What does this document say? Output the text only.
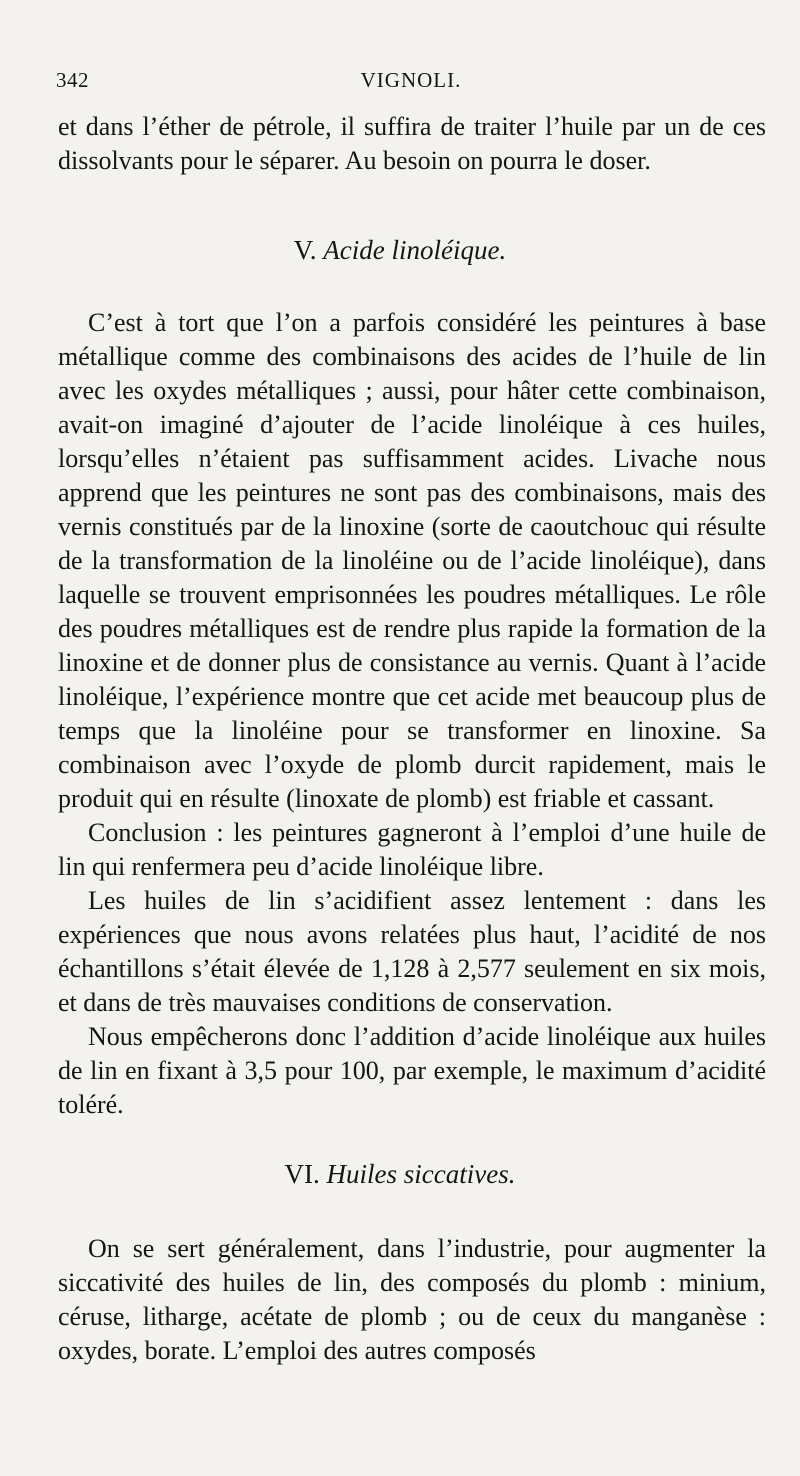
342	VIGNOLI.

et dans l’éther de pétrole, il suffira de traiter l’huile par un de ces dissolvants pour le séparer. Au besoin on pourra le doser.

V. Acide linoléique.

C’est à tort que l’on a parfois considéré les peintures à base métallique comme des combinaisons des acides de l’huile de lin avec les oxydes métalliques ; aussi, pour hâter cette combinaison, avait-on imaginé d’ajouter de l’acide linoléique à ces huiles, lorsqu’elles n’étaient pas suffisamment acides. Livache nous apprend que les peintures ne sont pas des combinaisons, mais des vernis constitués par de la linoxine (sorte de caoutchouc qui résulte de la transformation de la linoléine ou de l’acide linoléique), dans laquelle se trouvent emprisonnées les poudres métalliques. Le rôle des poudres métalliques est de rendre plus rapide la formation de la linoxine et de donner plus de consistance au vernis. Quant à l’acide linoléique, l’expérience montre que cet acide met beaucoup plus de temps que la linoléine pour se transformer en linoxine. Sa combinaison avec l’oxyde de plomb durcit rapidement, mais le produit qui en résulte (linoxate de plomb) est friable et cassant.

Conclusion : les peintures gagneront à l’emploi d’une huile de lin qui renfermera peu d’acide linoléique libre.

Les huiles de lin s’acidifient assez lentement : dans les expériences que nous avons relatées plus haut, l’acidité de nos échantillons s’était élevée de 1,128 à 2,577 seulement en six mois, et dans de très mauvaises conditions de conservation.

Nous empêcherons donc l’addition d’acide linoléique aux huiles de lin en fixant à 3,5 pour 100, par exemple, le maximum d’acidité toléré.

VI. Huiles siccatives.

On se sert généralement, dans l’industrie, pour augmenter la siccativité des huiles de lin, des composés du plomb : minium, céruse, litharge, acétate de plomb ; ou de ceux du manganèse : oxydes, borate. L’emploi des autres composés
